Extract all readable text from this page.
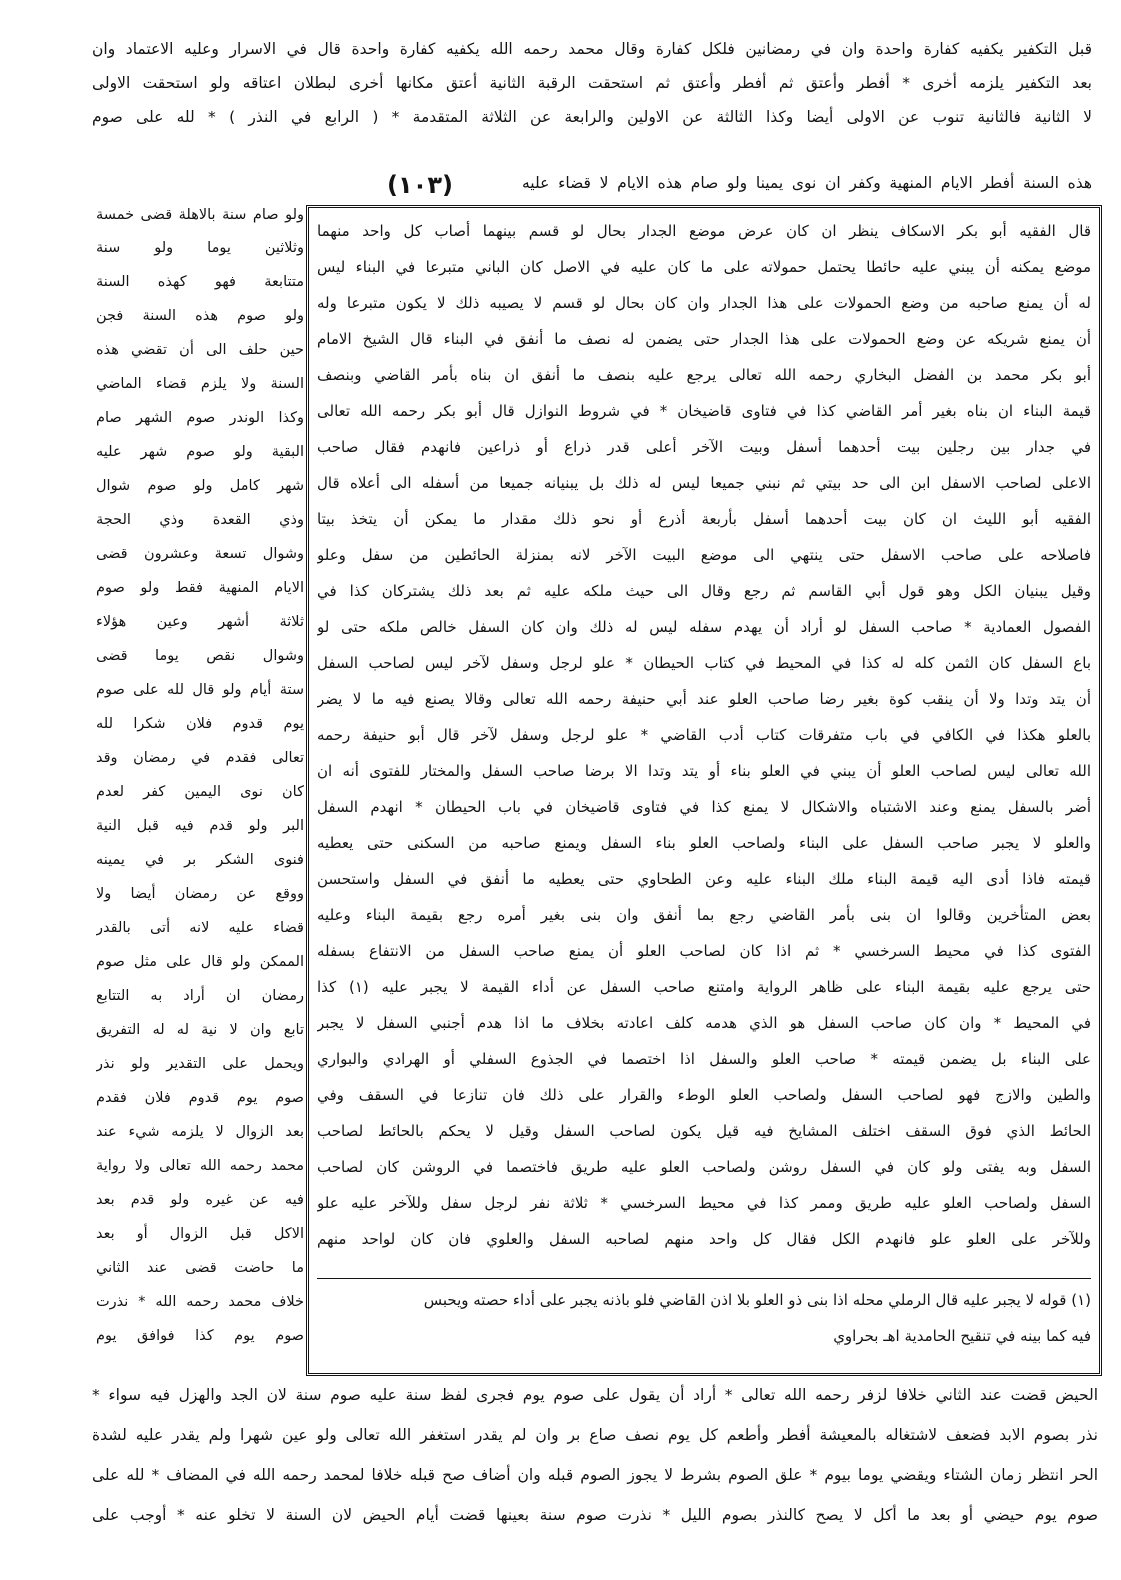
قبل التكفير يكفيه كفارة واحدة وان في رمضانين فلكل كفارة وقال محمد رحمه الله يكفيه كفارة واحدة قال في الاسرار وعليه الاعتماد وان
بعد التكفير يلزمه أخرى * أفطر وأعتق ثم أفطر وأعتق ثم استحقت الرقبة الثانية أعتق مكانها أخرى لبطلان اعتاقه ولو استحقت الاولى
لا الثانية فالثانية تنوب عن الاولى أيضا وكذا الثالثة عن الاولين والرابعة عن الثلاثة المتقدمة * ( الرابع في النذر ) * لله على صوم
هذه السنة أفطر الايام المنهية وكفر ان نوى يمينا ولو صام هذه الايام لا قضاء عليه
(١٠٣)
ولو صام سنة بالاهلة قضى خمسة
وثلاثين يوما ولو سنة
متتابعة فهو كهذه السنة
ولو صوم هذه السنة فجن
حين حلف الى أن تقضي هذه
السنة ولا يلزم قضاء الماضي
وكذا الوندر صوم الشهر صام
البقية ولو صوم شهر عليه
شهر كامل ولو صوم شوال
وذي القعدة وذي الحجة
وشوال تسعة وعشرون قضى
الايام المنهية فقط ولو صوم
ثلاثة أشهر وعين هؤلاء
وشوال نقص يوما قضى
ستة أيام ولو قال لله على صوم
يوم قدوم فلان شكرا لله
تعالى فقدم في رمضان وقد
كان نوى اليمين كفر لعدم
البر ولو قدم فيه قبل النية
فنوى الشكر بر في يمينه
ووقع عن رمضان أيضا ولا
قضاء عليه لانه أتى بالقدر
الممكن ولو قال على مثل صوم
رمضان ان أراد به التتابع
تابع وان لا نية له له التفريق
ويحمل على التقدير ولو نذر
صوم يوم قدوم فلان فقدم
بعد الزوال لا يلزمه شيء عند
محمد رحمه الله تعالى ولا رواية
فيه عن غيره ولو قدم بعد
الاكل قبل الزوال أو بعد
ما حاضت قضى عند الثاني
خلاف محمد رحمه الله * نذرت
صوم يوم كذا فوافق يوم
قال الفقيه أبو بكر الاسكاف ينظر ان كان عرض موضع الجدار بحال لو قسم بينهما أصاب كل واحد منهما
موضع يمكنه أن يبني عليه حائطا يحتمل حمولاته على ما كان عليه في الاصل كان الباني متبرعا في البناء ليس
له أن يمنع صاحبه من وضع الحمولات على هذا الجدار وان كان بحال لو قسم لا يصيبه ذلك لا يكون متبرعا وله
أن يمنع شريكه عن وضع الحمولات على هذا الجدار حتى يضمن له نصف ما أنفق في البناء قال الشيخ الامام
أبو بكر محمد بن الفضل البخاري رحمه الله تعالى يرجع عليه بنصف ما أنفق ان بناه بأمر القاضي وبنصف
قيمة البناء ان بناه بغير أمر القاضي كذا في فتاوى قاضيخان * في شروط النوازل قال أبو بكر رحمه الله تعالى
في جدار بين رجلين بيت أحدهما أسفل وبيت الآخر أعلى قدر ذراع أو ذراعين فانهدم فقال صاحب
الاعلى لصاحب الاسفل ابن الى حد بيتي ثم نبني جميعا ليس له ذلك بل يبنيانه جميعا من أسفله الى أعلاه قال
الفقيه أبو الليث ان كان بيت أحدهما أسفل بأربعة أذرع أو نحو ذلك مقدار ما يمكن أن يتخذ بيتا
فاصلاحه على صاحب الاسفل حتى ينتهي الى موضع البيت الآخر لانه بمنزلة الحائطين من سفل وعلو
وقيل يبنيان الكل وهو قول أبي القاسم ثم رجع وقال الى حيث ملكه عليه ثم بعد ذلك يشتركان كذا في
الفصول العمادية * صاحب السفل لو أراد أن يهدم سفله ليس له ذلك وان كان السفل خالص ملكه حتى لو
باع السفل كان الثمن كله له كذا في المحيط في كتاب الحيطان * علو لرجل وسفل لآخر ليس لصاحب السفل
أن يتد وتدا ولا أن ينقب كوة بغير رضا صاحب العلو عند أبي حنيفة رحمه الله تعالى وقالا يصنع فيه ما لا يضر
بالعلو هكذا في الكافي في باب متفرقات كتاب أدب القاضي * علو لرجل وسفل لآخر قال أبو حنيفة رحمه
الله تعالى ليس لصاحب العلو أن يبني في العلو بناء أو يتد وتدا الا برضا صاحب السفل والمختار للفتوى أنه ان
أضر بالسفل يمنع وعند الاشتباه والاشكال لا يمنع كذا في فتاوى قاضيخان في باب الحيطان * انهدم السفل
والعلو لا يجبر صاحب السفل على البناء ولصاحب العلو بناء السفل ويمنع صاحبه من السكنى حتى يعطيه
قيمته فاذا أدى اليه قيمة البناء ملك البناء عليه وعن الطحاوي حتى يعطيه ما أنفق في السفل واستحسن
بعض المتأخرين وقالوا ان بنى بأمر القاضي رجع بما أنفق وان بنى بغير أمره رجع بقيمة البناء وعليه
الفتوى كذا في محيط السرخسي * ثم اذا كان لصاحب العلو أن يمنع صاحب السفل من الانتفاع بسفله
حتى يرجع عليه بقيمة البناء على ظاهر الرواية وامتنع صاحب السفل عن أداء القيمة لا يجبر عليه (١) كذا
في المحيط * وان كان صاحب السفل هو الذي هدمه كلف اعادته بخلاف ما اذا هدم أجنبي السفل لا يجبر
على البناء بل يضمن قيمته * صاحب العلو والسفل اذا اختصما في الجذوع السفلي أو الهرادي والبواري
والطين والازج فهو لصاحب السفل ولصاحب العلو الوطء والقرار على ذلك فان تنازعا في السقف وفي
الحائط الذي فوق السقف اختلف المشايخ فيه قيل يكون لصاحب السفل وقيل لا يحكم بالحائط لصاحب
السفل وبه يفتى ولو كان في السفل روشن ولصاحب العلو عليه طريق فاختصما في الروشن كان لصاحب
السفل ولصاحب العلو عليه طريق وممر كذا في محيط السرخسي * ثلاثة نفر لرجل سفل وللآخر عليه علو
وللآخر على العلو علو فانهدم الكل فقال كل واحد منهم لصاحبه السفل والعلوي فان كان لواحد منهم
(١) قوله لا يجبر عليه قال الرملي محله اذا بنى ذو العلو بلا اذن القاضي فلو باذنه يجبر على أداء حصته ويحبس
فيه كما بينه في تنقيح الحامدية اهـ بحراوي
الحيض قضت عند الثاني خلافا لزفر رحمه الله تعالى * أراد أن يقول على صوم يوم فجرى لفظ سنة عليه صوم سنة لان الجد والهزل فيه سواء *
نذر بصوم الابد فضعف لاشتغاله بالمعيشة أفطر وأطعم كل يوم نصف صاع بر وان لم يقدر استغفر الله تعالى ولو عين شهرا ولم يقدر عليه لشدة
الحر انتظر زمان الشتاء ويقضي يوما بيوم * علق الصوم بشرط لا يجوز الصوم قبله وان أضاف صح قبله خلافا لمحمد رحمه الله في المضاف * لله على
صوم يوم حيضي أو بعد ما أكل لا يصح كالنذر بصوم الليل * نذرت صوم سنة بعينها قضت أيام الحيض لان السنة لا تخلو عنه * أوجب على
